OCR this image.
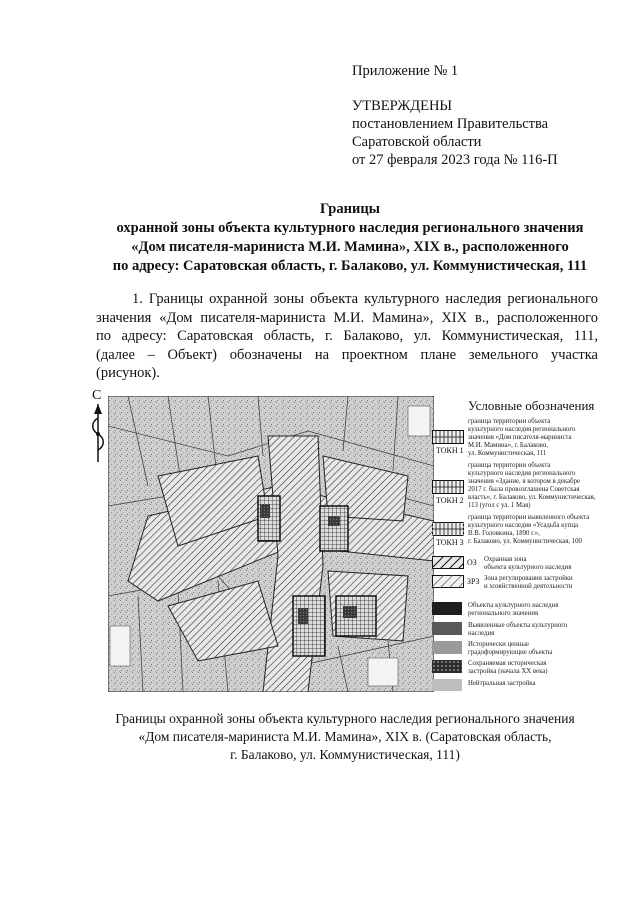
Приложение № 1
УТВЕРЖДЕНЫ
постановлением Правительства
Саратовской области
от 27 февраля 2023 года № 116-П
Границы
охранной зоны объекта культурного наследия регионального значения
«Дом писателя-мариниста М.И. Мамина», XIX в., расположенного
по адресу: Саратовская область, г. Балаково, ул. Коммунистическая, 111
1. Границы охранной зоны объекта культурного наследия регионального
значения «Дом писателя-мариниста М.И. Мамина», XIX в., расположенного
по адресу: Саратовская область, г. Балаково, ул. Коммунистическая, 111,
(далее – Объект) обозначены на проектном плане земельного участка
(рисунок).
С
Условные обозначения
ТОКН 1
граница территории объекта
культурного наследия регионального
значения «Дом писателя-мариниста
М.И. Мамина», г. Балаково,
ул. Коммунистическая, 111
ТОКН 2
граница территории объекта
культурного наследия регионального
значения «Здание, в котором в декабре
2017 г. была провозглашена Советская
власть», г. Балаково, ул. Коммунистическая,
113 (угол с ул. 1 Мая)
ТОКН 3
граница территории выявленного объекта
культурного наследия «Усадьба купца
В.В. Головкина, 1890 г.»,
г. Балаково, ул. Коммунистическая, 100
ОЗ Охранная зона
объекта культурного наследия
ЗРЗ Зона регулирования застройки
и хозяйственной деятельности
Объекты культурного наследия
регионального значения
Выявленные объекты культурного
наследия
Исторически ценные
градоформирующие объекты
Сохраняемая историческая
застройка (начала XX века)
Нейтральная застройка
Границы охранной зоны объекта культурного наследия регионального значения
«Дом писателя-мариниста М.И. Мамина», XIX в. (Саратовская область,
г. Балаково, ул. Коммунистическая, 111)
